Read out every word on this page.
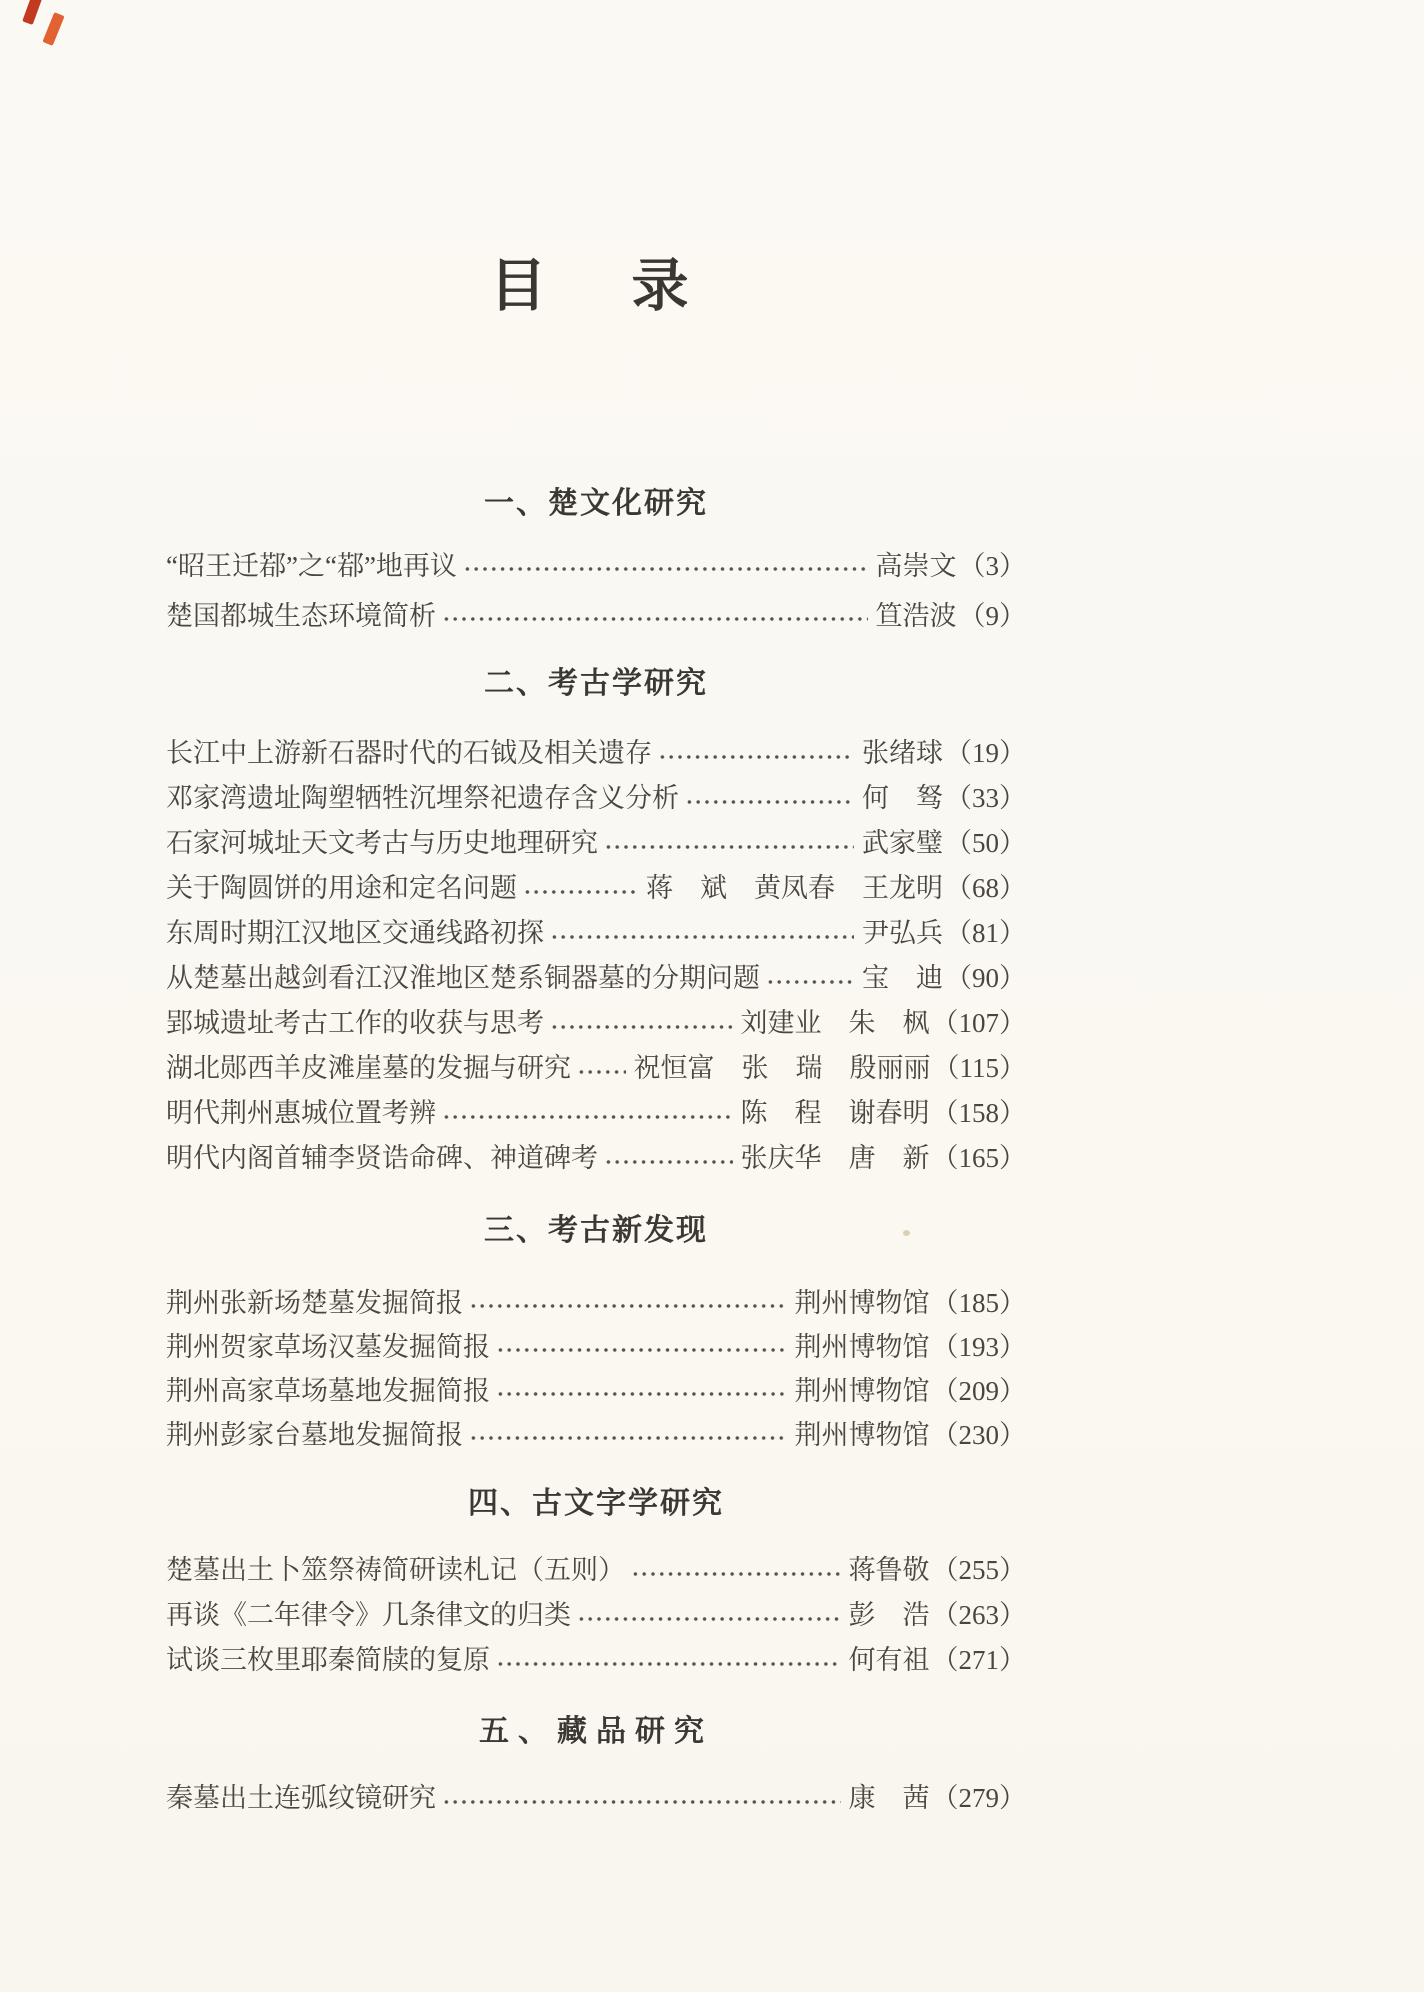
目　录
一、楚文化研究
“昭王迁鄀”之“鄀”地再议	高崇文 （3）
楚国都城生态环境简析	笪浩波 （9）
二、考古学研究
长江中上游新石器时代的石钺及相关遗存	张绪球 （19）
邓家湾遗址陶塑牺牲沉埋祭祀遗存含义分析	何　驽 （33）
石家河城址天文考古与历史地理研究	武家璧 （50）
关于陶圆饼的用途和定名问题	蒋　斌　黄凤春　王龙明 （68）
东周时期江汉地区交通线路初探	尹弘兵 （81）
从楚墓出越剑看江汉淮地区楚系铜器墓的分期问题	宝　迪 （90）
郢城遗址考古工作的收获与思考	刘建业　朱　枫 （107）
湖北郧西羊皮滩崖墓的发掘与研究 祝恒富　张　瑞　殷丽丽 （115）
明代荆州惠城位置考辨	陈　程　谢春明 （158）
明代内阁首辅李贤诰命碑、神道碑考	张庆华　唐　新 （165）
三、考古新发现
荆州张新场楚墓发掘简报	荆州博物馆 （185）
荆州贺家草场汉墓发掘简报	荆州博物馆 （193）
荆州高家草场墓地发掘简报	荆州博物馆 （209）
荆州彭家台墓地发掘简报	荆州博物馆 （230）
四、古文字学研究
楚墓出土卜筮祭祷简研读札记（五则）	蒋鲁敬 （255）
再谈《二年律令》几条律文的归类	彭　浩 （263）
试谈三枚里耶秦简牍的复原	何有祖 （271）
五、藏品研究
秦墓出土连弧纹镜研究	康　茜 （279）
